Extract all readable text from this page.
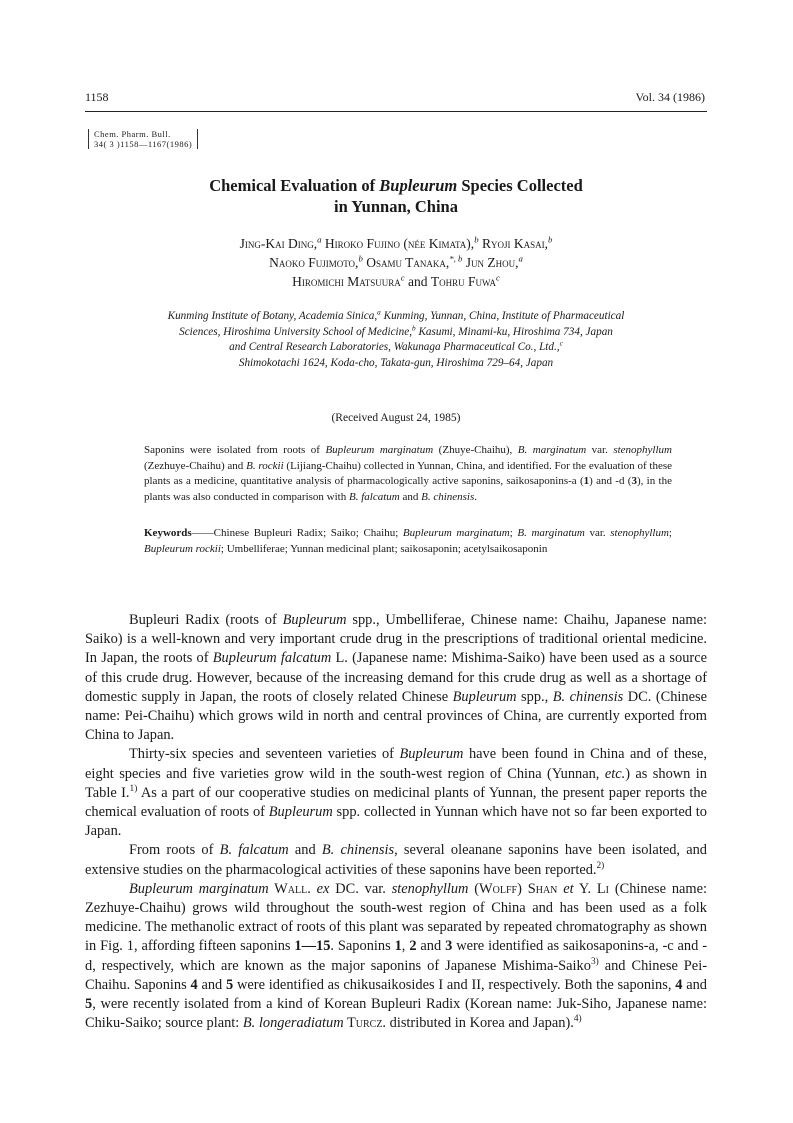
1158	Vol. 34 (1986)
Chem. Pharm. Bull.
34( 3 )1158—1167(1986)
Chemical Evaluation of Bupleurum Species Collected
in Yunnan, China
Jing-Kai Ding,$^a$ Hiroko Fujino (née Kimata),$^b$ Ryoji Kasai,$^b$
Naoko Fujimoto,$^b$ Osamu Tanaka,$^{*, b}$ Jun Zhou,$^a$
Hiromichi Matsuura$^c$ and Tohru Fuwa$^c$
Kunming Institute of Botany, Academia Sinica,$^a$ Kunming, Yunnan, China, Institute of Pharmaceutical
Sciences, Hiroshima University School of Medicine,$^b$ Kasumi, Minami-ku, Hiroshima 734, Japan
and Central Research Laboratories, Wakunaga Pharmaceutical Co., Ltd.,$^c$
Shimokotachi 1624, Koda-cho, Takata-gun, Hiroshima 729–64, Japan
(Received August 24, 1985)
Saponins were isolated from roots of Bupleurum marginatum (Zhuye-Chaihu), B. marginatum var. stenophyllum (Zezhuye-Chaihu) and B. rockii (Lijiang-Chaihu) collected in Yunnan, China, and identified. For the evaluation of these plants as a medicine, quantitative analysis of pharmacologically active saponins, saikosaponins-a (1) and -d (3), in the plants was also conducted in comparison with B. falcatum and B. chinensis.
Keywords——Chinese Bupleuri Radix; Saiko; Chaihu; Bupleurum marginatum; B. marginatum var. stenophyllum; Bupleurum rockii; Umbelliferae; Yunnan medicinal plant; saikosaponin; acetylsaikosaponin

Bupleuri Radix (roots of Bupleurum spp., Umbelliferae, Chinese name: Chaihu, Japanese name: Saiko) is a well-known and very important crude drug in the prescriptions of traditional oriental medicine. In Japan, the roots of Bupleurum falcatum L. (Japanese name: Mishima-Saiko) have been used as a source of this crude drug. However, because of the increasing demand for this crude drug as well as a shortage of domestic supply in Japan, the roots of closely related Chinese Bupleurum spp., B. chinensis DC. (Chinese name: Pei-Chaihu) which grows wild in north and central provinces of China, are currently exported from China to Japan.

Thirty-six species and seventeen varieties of Bupleurum have been found in China and of these, eight species and five varieties grow wild in the south-west region of China (Yunnan, etc.) as shown in Table I.$^{1)}$ As a part of our cooperative studies on medicinal plants of Yunnan, the present paper reports the chemical evaluation of roots of Bupleurum spp. collected in Yunnan which have not so far been exported to Japan.

From roots of B. falcatum and B. chinensis, several oleanane saponins have been isolated, and extensive studies on the pharmacological activities of these saponins have been reported.$^{2)}$

Bupleurum marginatum Wall. ex DC. var. stenophyllum (Wolff) Shan et Y. Li (Chinese name: Zezhuye-Chaihu) grows wild throughout the south-west region of China and has been used as a folk medicine. The methanolic extract of roots of this plant was separated by repeated chromatography as shown in Fig. 1, affording fifteen saponins 1—15. Saponins 1, 2 and 3 were identified as saikosaponins-a, -c and -d, respectively, which are known as the major saponins of Japanese Mishima-Saiko$^{3)}$ and Chinese Pei-Chaihu. Saponins 4 and 5 were identified as chikusaikosides I and II, respectively. Both the saponins, 4 and 5, were recently isolated from a kind of Korean Bupleuri Radix (Korean name: Juk-Siho, Japanese name: Chiku-Saiko; source plant: B. longeradiatum Turcz. distributed in Korea and Japan).$^{4)}$
